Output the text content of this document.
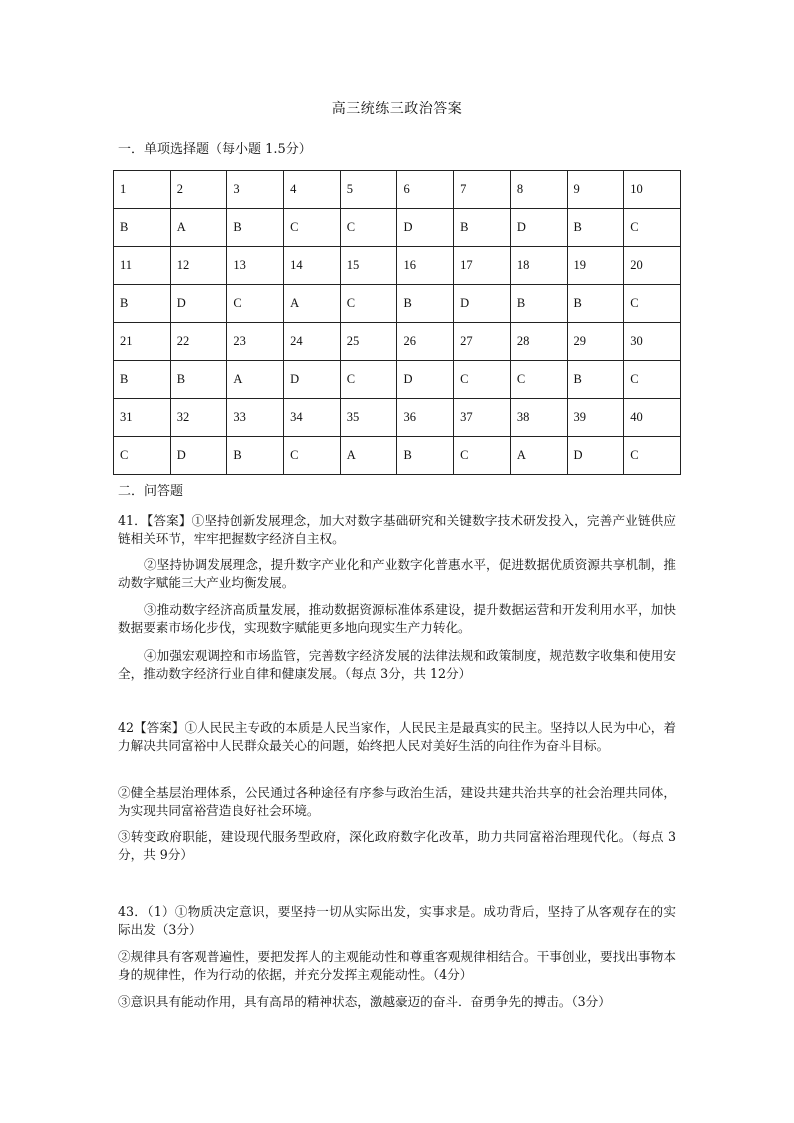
高三统练三政治答案
一．单项选择题（每小题 1.5分）
1	2	3	4	5	6	7	8	9	10
B	A	B	C	C	D	B	D	B	C
11	12	13	14	15	16	17	18	19	20
B	D	C	A	C	B	D	B	B	C
21	22	23	24	25	26	27	28	29	30
B	B	A	D	C	D	C	C	B	C
31	32	33	34	35	36	37	38	39	40
C	D	B	C	A	B	C	A	D	C
二．问答题

41．【答案】①坚持创新发展理念，加大对数字基础研究和关键数字技术研发投入，完善产业链供应链相关环节，牢牢把握数字经济自主权。

②坚持协调发展理念，提升数字产业化和产业数字化普惠水平，促进数据优质资源共享机制，推动数字赋能三大产业均衡发展。

③推动数字经济高质量发展，推动数据资源标准体系建设，提升数据运营和开发利用水平，加快数据要素市场化步伐，实现数字赋能更多地向现实生产力转化。

④加强宏观调控和市场监管，完善数字经济发展的法律法规和政策制度，规范数字收集和使用安全，推动数字经济行业自律和健康发展。（每点 3分，共 12分）

42【答案】①人民民主专政的本质是人民当家作，人民民主是最真实的民主。坚持以人民为中心，着力解决共同富裕中人民群众最关心的问题，始终把人民对美好生活的向往作为奋斗目标。

②健全基层治理体系，公民通过各种途径有序参与政治生活，建设共建共治共享的社会治理共同体，为实现共同富裕营造良好社会环境。

③转变政府职能，建设现代服务型政府，深化政府数字化改革，助力共同富裕治理现代化。（每点 3分，共 9分）

43．（1）①物质决定意识，要坚持一切从实际出发，实事求是。成功背后，坚持了从客观存在的实际出发（3分）

②规律具有客观普遍性，要把发挥人的主观能动性和尊重客观规律相结合。干事创业，要找出事物本身的规律性，作为行动的依据，并充分发挥主观能动性。（4分）

③意识具有能动作用，具有高昂的精神状态，激越豪迈的奋斗．奋勇争先的搏击。（3分）
